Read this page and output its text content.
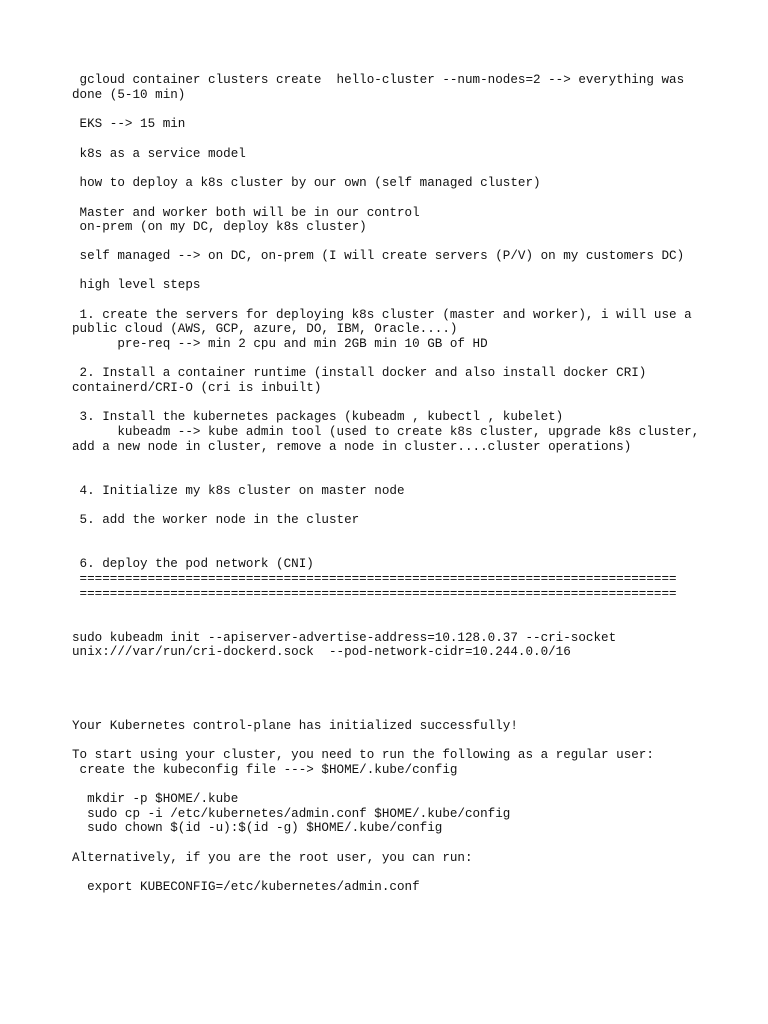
gcloud container clusters create  hello-cluster --num-nodes=2 --> everything was

done (5-10 min)

EKS --> 15 min

k8s as a service model

how to deploy a k8s cluster by our own (self managed cluster)

Master and worker both will be in our control

on-prem (on my DC, deploy k8s cluster)

self managed --> on DC, on-prem (I will create servers (P/V) on my customers DC)

high level steps

1. create the servers for deploying k8s cluster (master and worker), i will use a

public cloud (AWS, GCP, azure, DO, IBM, Oracle....)

pre-req --> min 2 cpu and min 2GB min 10 GB of HD

2. Install a container runtime (install docker and also install docker CRI)

containerd/CRI-O (cri is inbuilt)

3. Install the kubernetes packages (kubeadm , kubectl , kubelet)

kubeadm --> kube admin tool (used to create k8s cluster, upgrade k8s cluster,

add a new node in cluster, remove a node in cluster....cluster operations)

4. Initialize my k8s cluster on master node

5. add the worker node in the cluster

6. deploy the pod network (CNI)

===============================================================================

===============================================================================

sudo kubeadm init --apiserver-advertise-address=10.128.0.37 --cri-socket

unix:///var/run/cri-dockerd.sock  --pod-network-cidr=10.244.0.0/16

Your Kubernetes control-plane has initialized successfully!

To start using your cluster, you need to run the following as a regular user:

create the kubeconfig file ---> $HOME/.kube/config

mkdir -p $HOME/.kube

sudo cp -i /etc/kubernetes/admin.conf $HOME/.kube/config

sudo chown $(id -u):$(id -g) $HOME/.kube/config

Alternatively, if you are the root user, you can run:

export KUBECONFIG=/etc/kubernetes/admin.conf
